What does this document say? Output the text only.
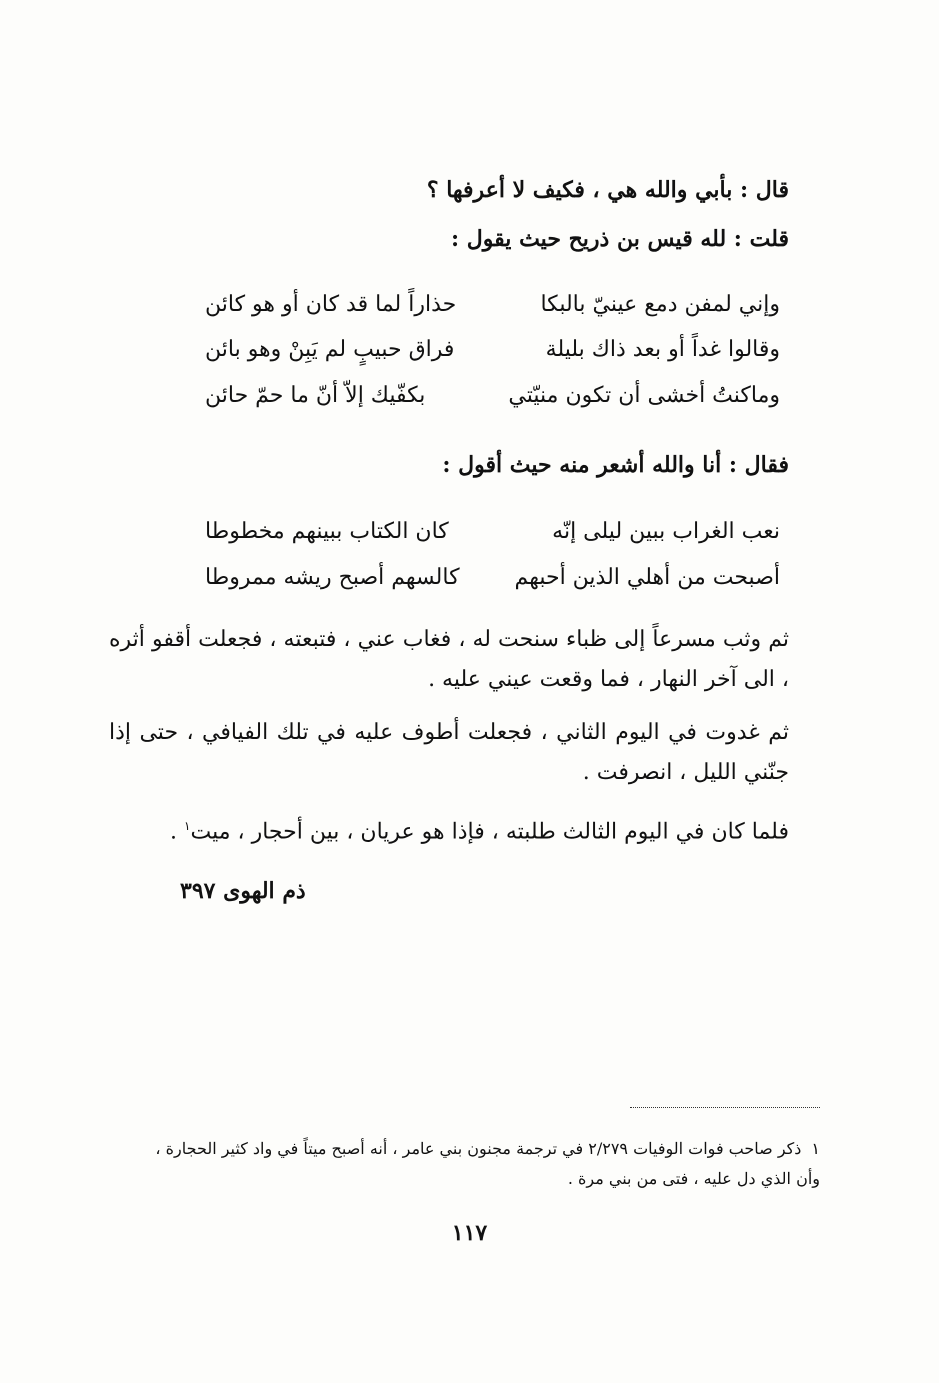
قال : بأبي والله هي ، فكيف لا أعرفها ؟
قلت : لله قيس بن ذريح حيث يقول :
وإني لمفن دمع عينيّ بالبكا
حذاراً لما قد كان أو هو كائن
وقالوا غداً أو بعد ذاك بليلة
فراق حبيبٍ لم يَبِنْ وهو بائن
وماكنتُ أخشى أن تكون منيّتي
بكفّيك إلاّ أنّ ما حمّ حائن
فقال : أنا والله أشعر منه حيث أقول :
نعب الغراب ببين ليلى إنّه
كان الكتاب ببينهم مخطوطا
أصبحت من أهلي الذين أحبهم
كالسهم أصبح ريشه ممروطا
ثم وثب مسرعاً إلى ظباء سنحت له ، فغاب عني ، فتبعته ، فجعلت أقفو أثره ، الى آخر النهار ، فما وقعت عيني عليه .
ثم غدوت في اليوم الثاني ، فجعلت أطوف عليه في تلك الفيافي ، حتى إذا جنّني الليل ، انصرفت .
فلما كان في اليوم الثالث طلبته ، فإذا هو عريان ، بين أحجار ، ميت$^١$ .
ذم الهوى ٣٩٧
١ذكر صاحب فوات الوفيات ٢/٢٧٩ في ترجمة مجنون بني عامر ، أنه أصبح ميتاً في واد كثير الحجارة ، وأن الذي دل عليه ، فتى من بني مرة .
١١٧
